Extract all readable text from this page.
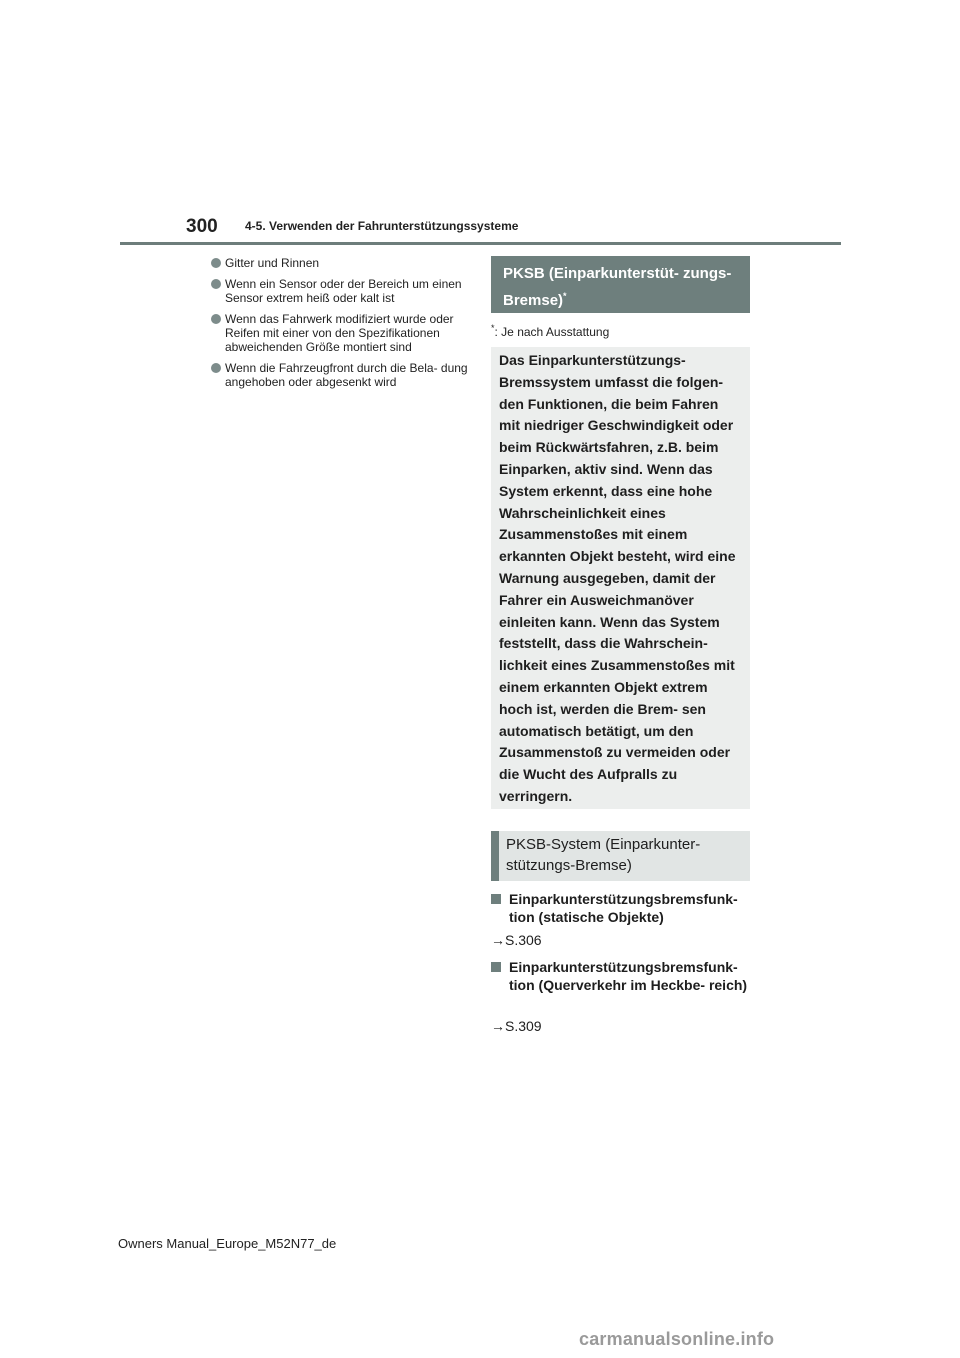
300 4-5. Verwenden der Fahrunterstützungssysteme
Gitter und Rinnen
Wenn ein Sensor oder der Bereich um einen Sensor extrem heiß oder kalt ist
Wenn das Fahrwerk modifiziert wurde oder Reifen mit einer von den Spezifikationen abweichenden Größe montiert sind
Wenn die Fahrzeugfront durch die Bela- dung angehoben oder abgesenkt wird
PKSB (Einparkunterstüt- zungs-Bremse)*
*: Je nach Ausstattung
Das Einparkunterstützungs- Bremssystem umfasst die folgen- den Funktionen, die beim Fahren mit niedriger Geschwindigkeit oder beim Rückwärtsfahren, z.B. beim Einparken, aktiv sind. Wenn das System erkennt, dass eine hohe Wahrscheinlichkeit eines Zusammenstoßes mit einem erkannten Objekt besteht, wird eine Warnung ausgegeben, damit der Fahrer ein Ausweichmanöver einleiten kann. Wenn das System feststellt, dass die Wahrschein- lichkeit eines Zusammenstoßes mit einem erkannten Objekt extrem hoch ist, werden die Brem- sen automatisch betätigt, um den Zusammenstoß zu vermeiden oder die Wucht des Aufpralls zu verringern.
PKSB-System (Einparkunter- stützungs-Bremse)
Einparkunterstützungsbremsfunk- tion (statische Objekte)
→S.306
Einparkunterstützungsbremsfunk- tion (Querverkehr im Heckbe- reich)
→S.309
Owners Manual_Europe_M52N77_de
carmanualsonline.info
